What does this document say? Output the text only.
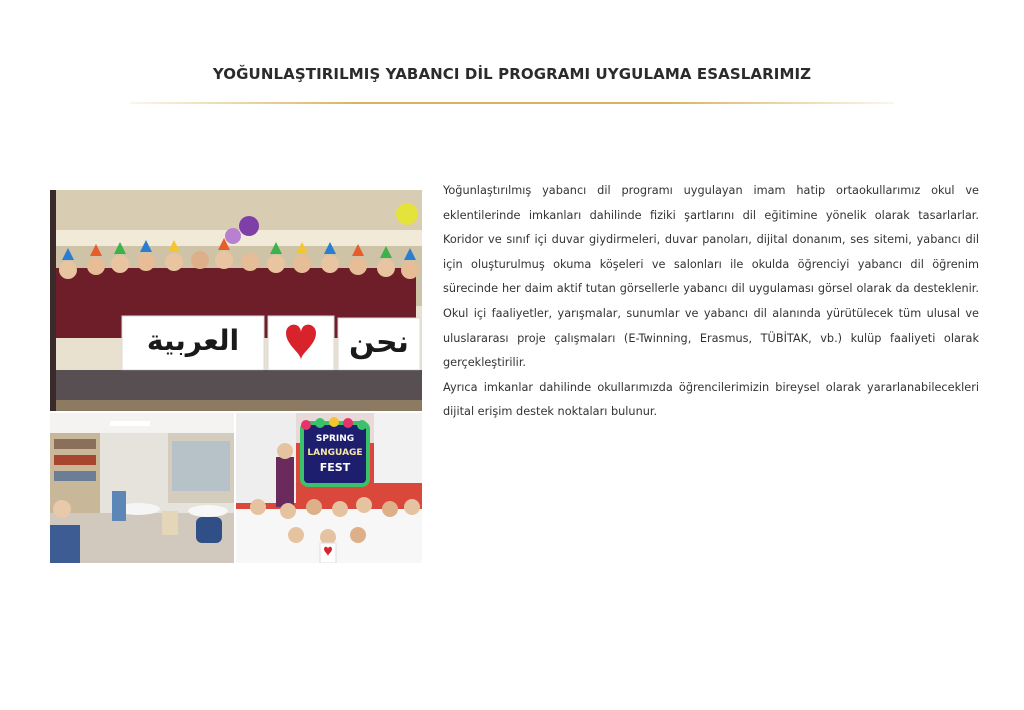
YOĞUNLAŞTIRILMIŞ YABANCI DİL PROGRAMI UYGULAMA ESASLARIMIZ
العربية	نحن
SPRING
LANGUAGE
FEST

Yoğunlaştırılmış yabancı dil programı uygulayan imam hatip ortaokullarımız okul ve eklentilerinde imkanları dahilinde fiziki şartlarını dil eğitimine yönelik olarak tasarlarlar. Koridor ve sınıf içi duvar giydirmeleri, duvar panoları, dijital donanım, ses sitemi, yabancı dil için oluşturulmuş okuma köşeleri ve salonları ile okulda öğrenciyi yabancı dil öğrenim sürecinde her daim aktif tutan görsellerle yabancı dil uygulaması görsel olarak da desteklenir.

Okul içi faaliyetler, yarışmalar, sunumlar ve yabancı dil alanında yürütülecek tüm ulusal ve uluslararası proje çalışmaları (E-Twinning, Erasmus, TÜBİTAK, vb.) kulüp faaliyeti olarak gerçekleştirilir.

Ayrıca imkanlar dahilinde okullarımızda öğrencilerimizin bireysel olarak yararlanabilecekleri dijital erişim destek noktaları bulunur.
